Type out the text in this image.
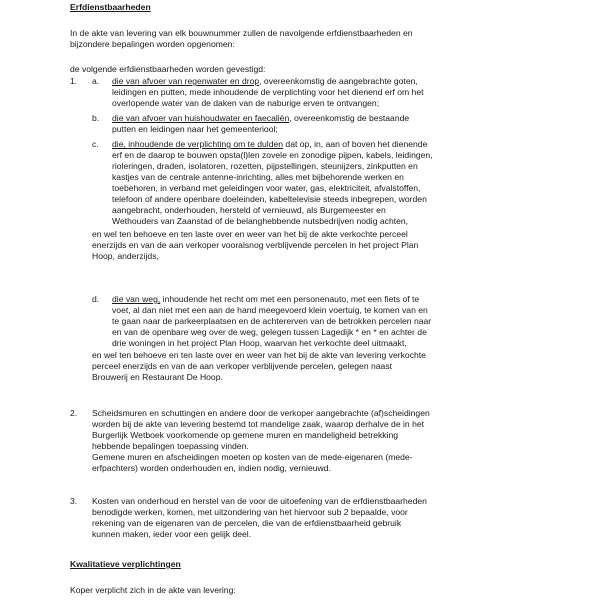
Erfdienstbaarheden
In de akte van levering van elk bouwnummer zullen de navolgende erfdienstbaarheden en
bijzondere bepalingen worden opgenomen:
de volgende erfdienstbaarheden worden gevestigd:
1. a. die van afvoer van regenwater en drop, overeenkomstig de aangebrachte goten,
leidingen en putten, mede inhoudende de verplichting voor het dienend erf om het
overlopende water van de daken van de naburige erven te ontvangen;
b. die van afvoer van huishoudwater en faecaliën, overeenkomstig de bestaande
putten en leidingen naar het gemeenteriool;
c. die, inhoudende de verplichting om te dulden dat op, in, aan of boven het dienende
erf en de daarop te bouwen opsta(l)len zovele en zonodige pijpen, kabels, leidingen,
rioleringen, draden, isolatoren, rozetten, pijpstellingen, steunijzers, zinkputten en
kastjes van de centrale antenne-inrichting, alles met bijbehorende werken en
toebehoren, in verband met geleidingen voor water, gas, elektriciteit, afvalstoffen,
telefoon of andere openbare doeleinden, kabeltelevisie steeds inbegrepen, worden
aangebracht, onderhouden, hersteld of vernieuwd, als Burgemeester en
Wethouders van Zaanstad of de belanghebbende nutsbedrijven nodig achten,
en wel ten behoeve en ten laste over en weer van het bij de akte verkochte perceel
enerzijds en van de aan verkoper vooralsnog verblijvende percelen in het project Plan
Hoop, anderzijds,
d. die van weg, inhoudende het recht om met een personenauto, met een fiets of te
voet, al dan niet met een aan de hand meegevoerd klein voertuig, te komen van en
te gaan naar de parkeerplaatsen en de achtererven van de betrokken percelen naar
en van de openbare weg over de weg, gelegen tussen Lagedijk * en * en achter de
drie woningen in het project Plan Hoop, waarvan het verkochte deel uitmaakt,
en wel ten behoeve en ten laste over en weer van het bij de akte van levering verkochte
perceel enerzijds en van de aan verkoper verblijvende percelen, gelegen naast
Brouwerij en Restaurant De Hoop.
2. Scheidsmuren en schuttingen en andere door de verkoper aangebrachte (af)scheidingen
worden bij de akte van levering bestemd tot mandelige zaak, waarop derhalve de in het
Burgerlijk Wetboek voorkomende op gemene muren en mandeligheid betrekking
hebbende bepalingen toepassing vinden.
Gemene muren en afscheidingen moeten op kosten van de mede-eigenaren (mede-
erfpachters) worden onderhouden en, indien nodig, vernieuwd.
3. Kosten van onderhoud en herstel van de voor de uitoefening van de erfdienstbaarheden
benodigde werken, komen, met uitzondering van het hiervoor sub 2 bepaalde, voor
rekening van de eigenaren van de percelen, die van de erfdienstbaarheid gebruik
kunnen maken, ieder voor een gelijk deel.
Kwalitatieve verplichtingen
Koper verplicht zich in de akte van levering:
